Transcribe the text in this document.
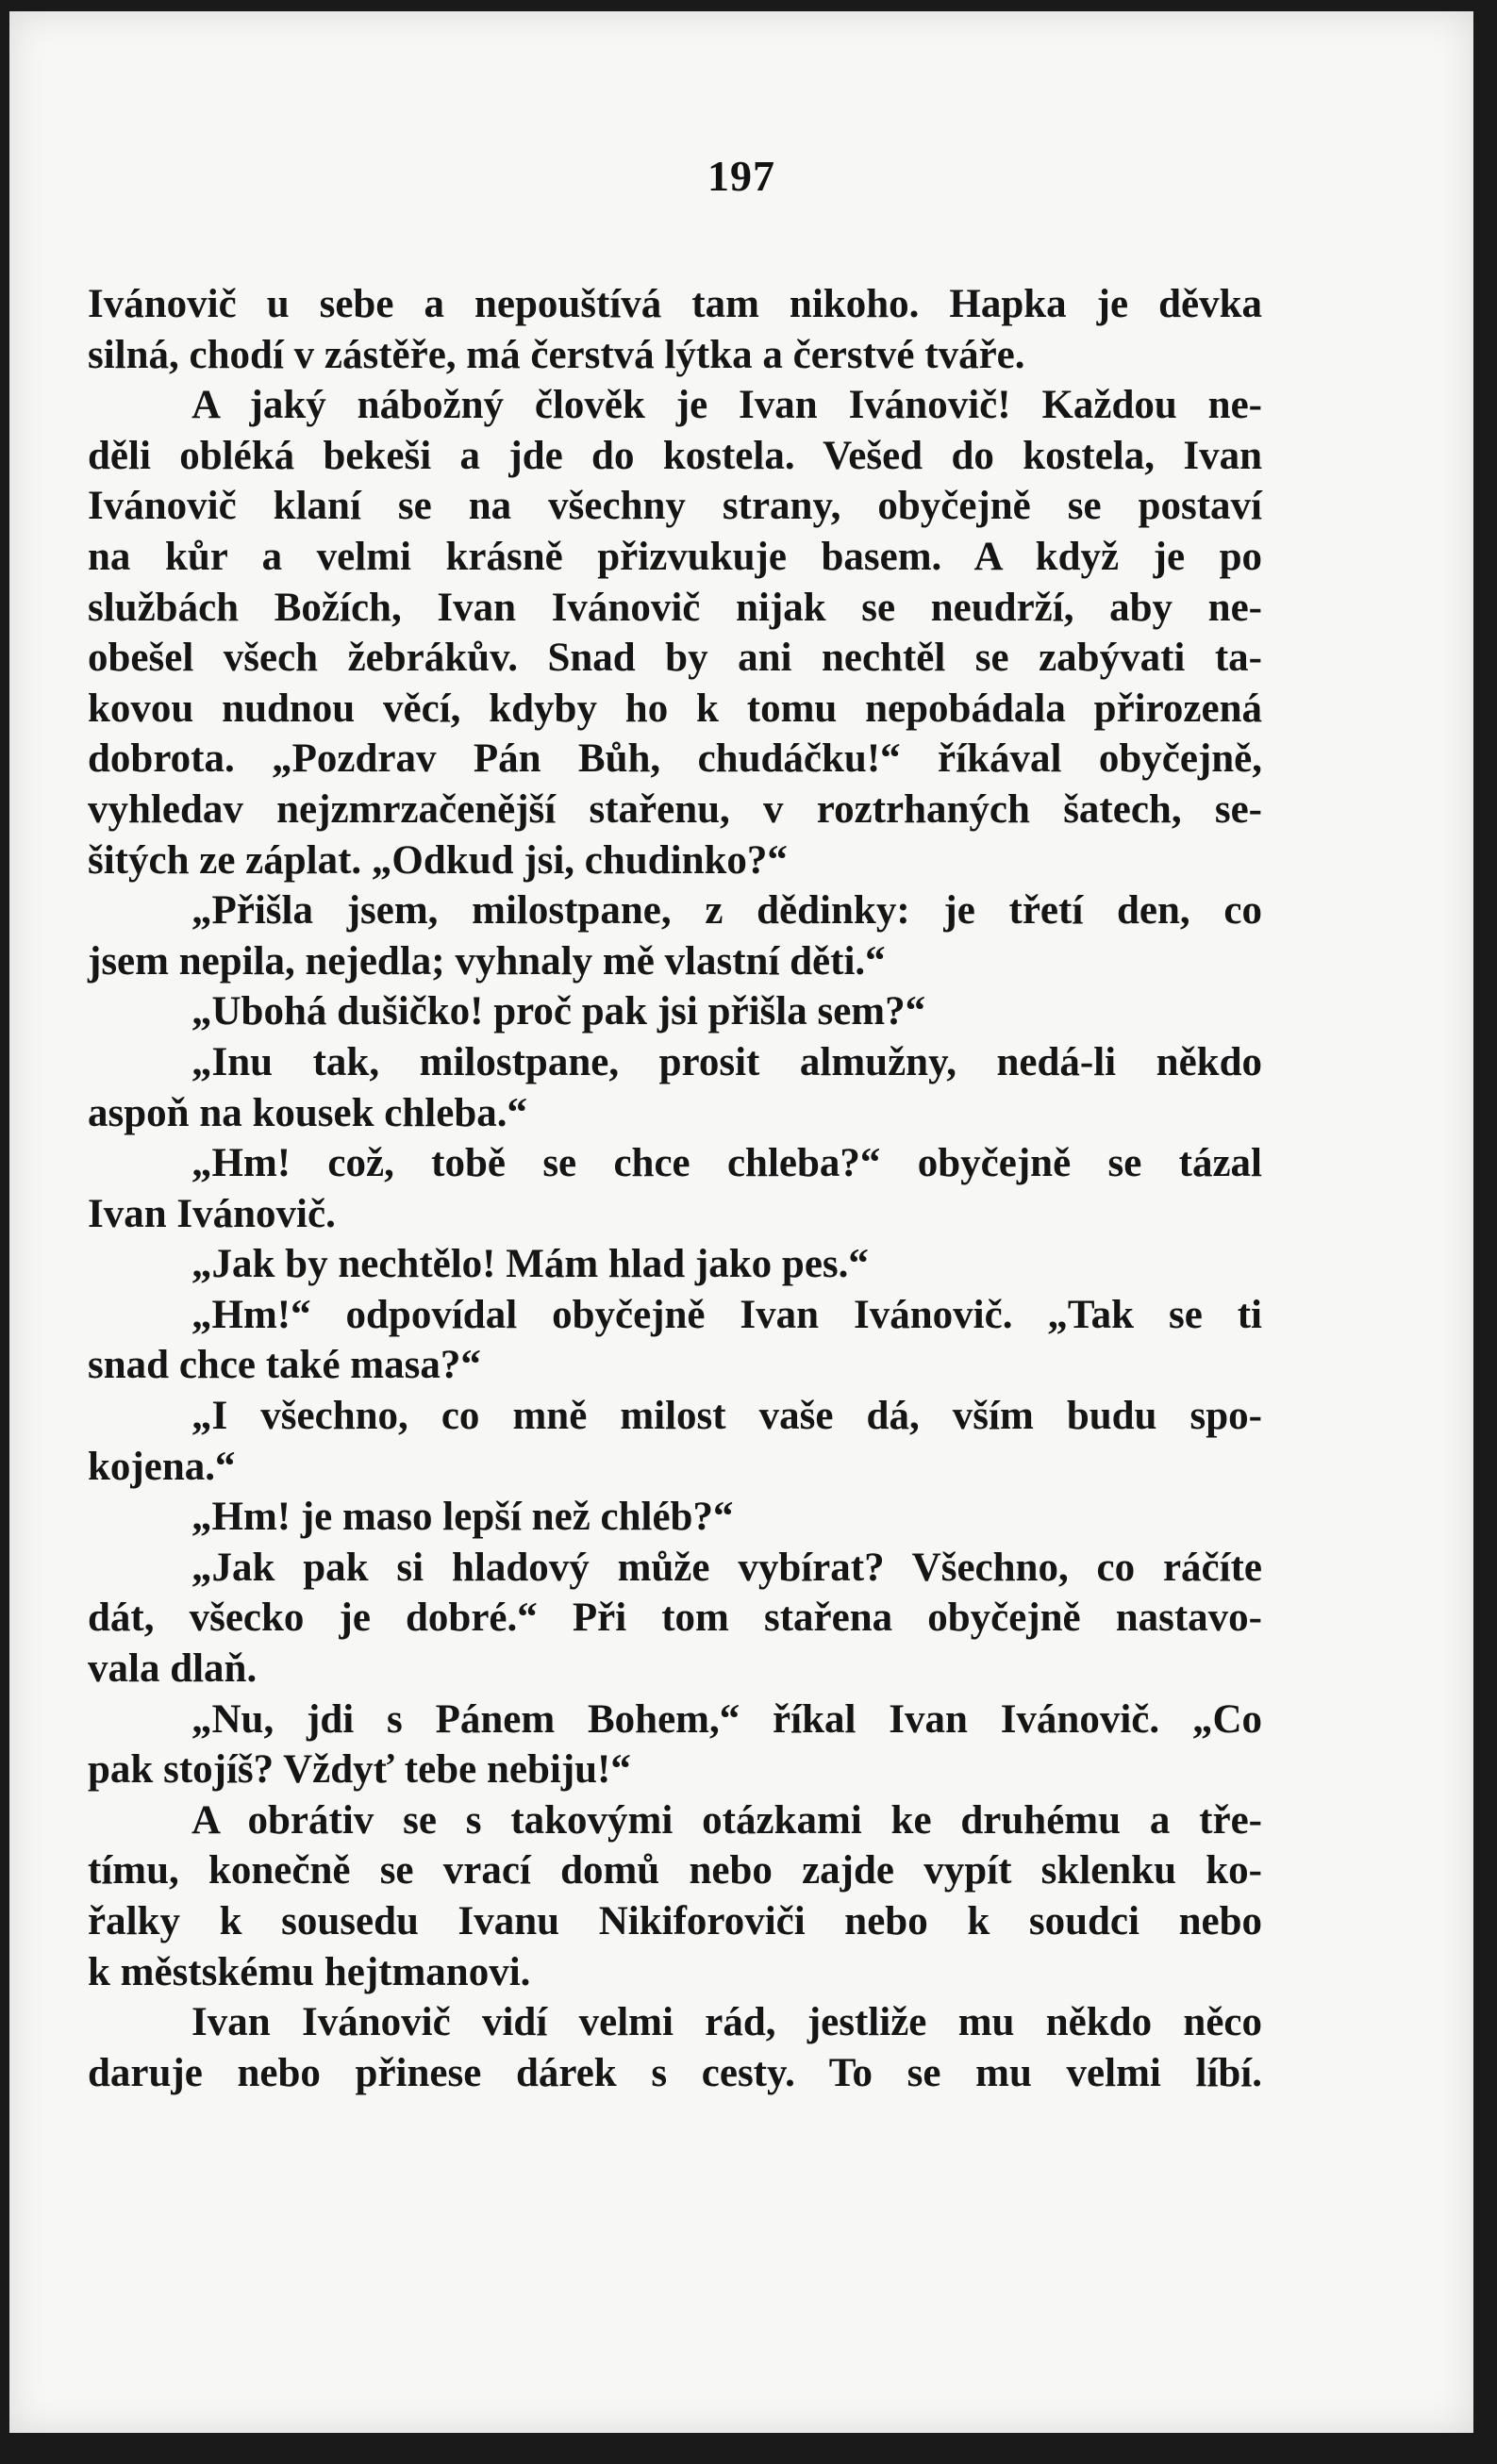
197
Ivánovič u sebe a nepouštívá tam nikoho. Hapka je děvka
silná, chodí v zástěře, má čerstvá lýtka a čerstvé tváře.
A jaký nábožný člověk je Ivan Ivánovič! Každou ne-
děli obléká bekeši a jde do kostela. Vešed do kostela, Ivan
Ivánovič klaní se na všechny strany, obyčejně se postaví
na kůr a velmi krásně přizvukuje basem. A když je po
službách Božích, Ivan Ivánovič nijak se neudrží, aby ne-
obešel všech žebrákův. Snad by ani nechtěl se zabývati ta-
kovou nudnou věcí, kdyby ho k tomu nepobádala přirozená
dobrota. „Pozdrav Pán Bůh, chudáčku!“ říkával obyčejně,
vyhledav nejzmrzačenější stařenu, v roztrhaných šatech, se-
šitých ze záplat. „Odkud jsi, chudinko?“
„Přišla jsem, milostpane, z dědinky: je třetí den, co
jsem nepila, nejedla; vyhnaly mě vlastní děti.“
„Ubohá dušičko! proč pak jsi přišla sem?“
„Inu tak, milostpane, prosit almužny, nedá-li někdo
aspoň na kousek chleba.“
„Hm! což, tobě se chce chleba?“ obyčejně se tázal
Ivan Ivánovič.
„Jak by nechtělo! Mám hlad jako pes.“
„Hm!“ odpovídal obyčejně Ivan Ivánovič. „Tak se ti
snad chce také masa?“
„I všechno, co mně milost vaše dá, vším budu spo-
kojena.“
„Hm! je maso lepší než chléb?“
„Jak pak si hladový může vybírat? Všechno, co ráčíte
dát, všecko je dobré.“ Při tom stařena obyčejně nastavo-
vala dlaň.
„Nu, jdi s Pánem Bohem,“ říkal Ivan Ivánovič. „Co
pak stojíš? Vždyť tebe nebiju!“
A obrátiv se s takovými otázkami ke druhému a tře-
tímu, konečně se vrací domů nebo zajde vypít sklenku ko-
řalky k sousedu Ivanu Nikiforoviči nebo k soudci nebo
k městskému hejtmanovi.
Ivan Ivánovič vidí velmi rád, jestliže mu někdo něco
daruje nebo přinese dárek s cesty. To se mu velmi líbí.
